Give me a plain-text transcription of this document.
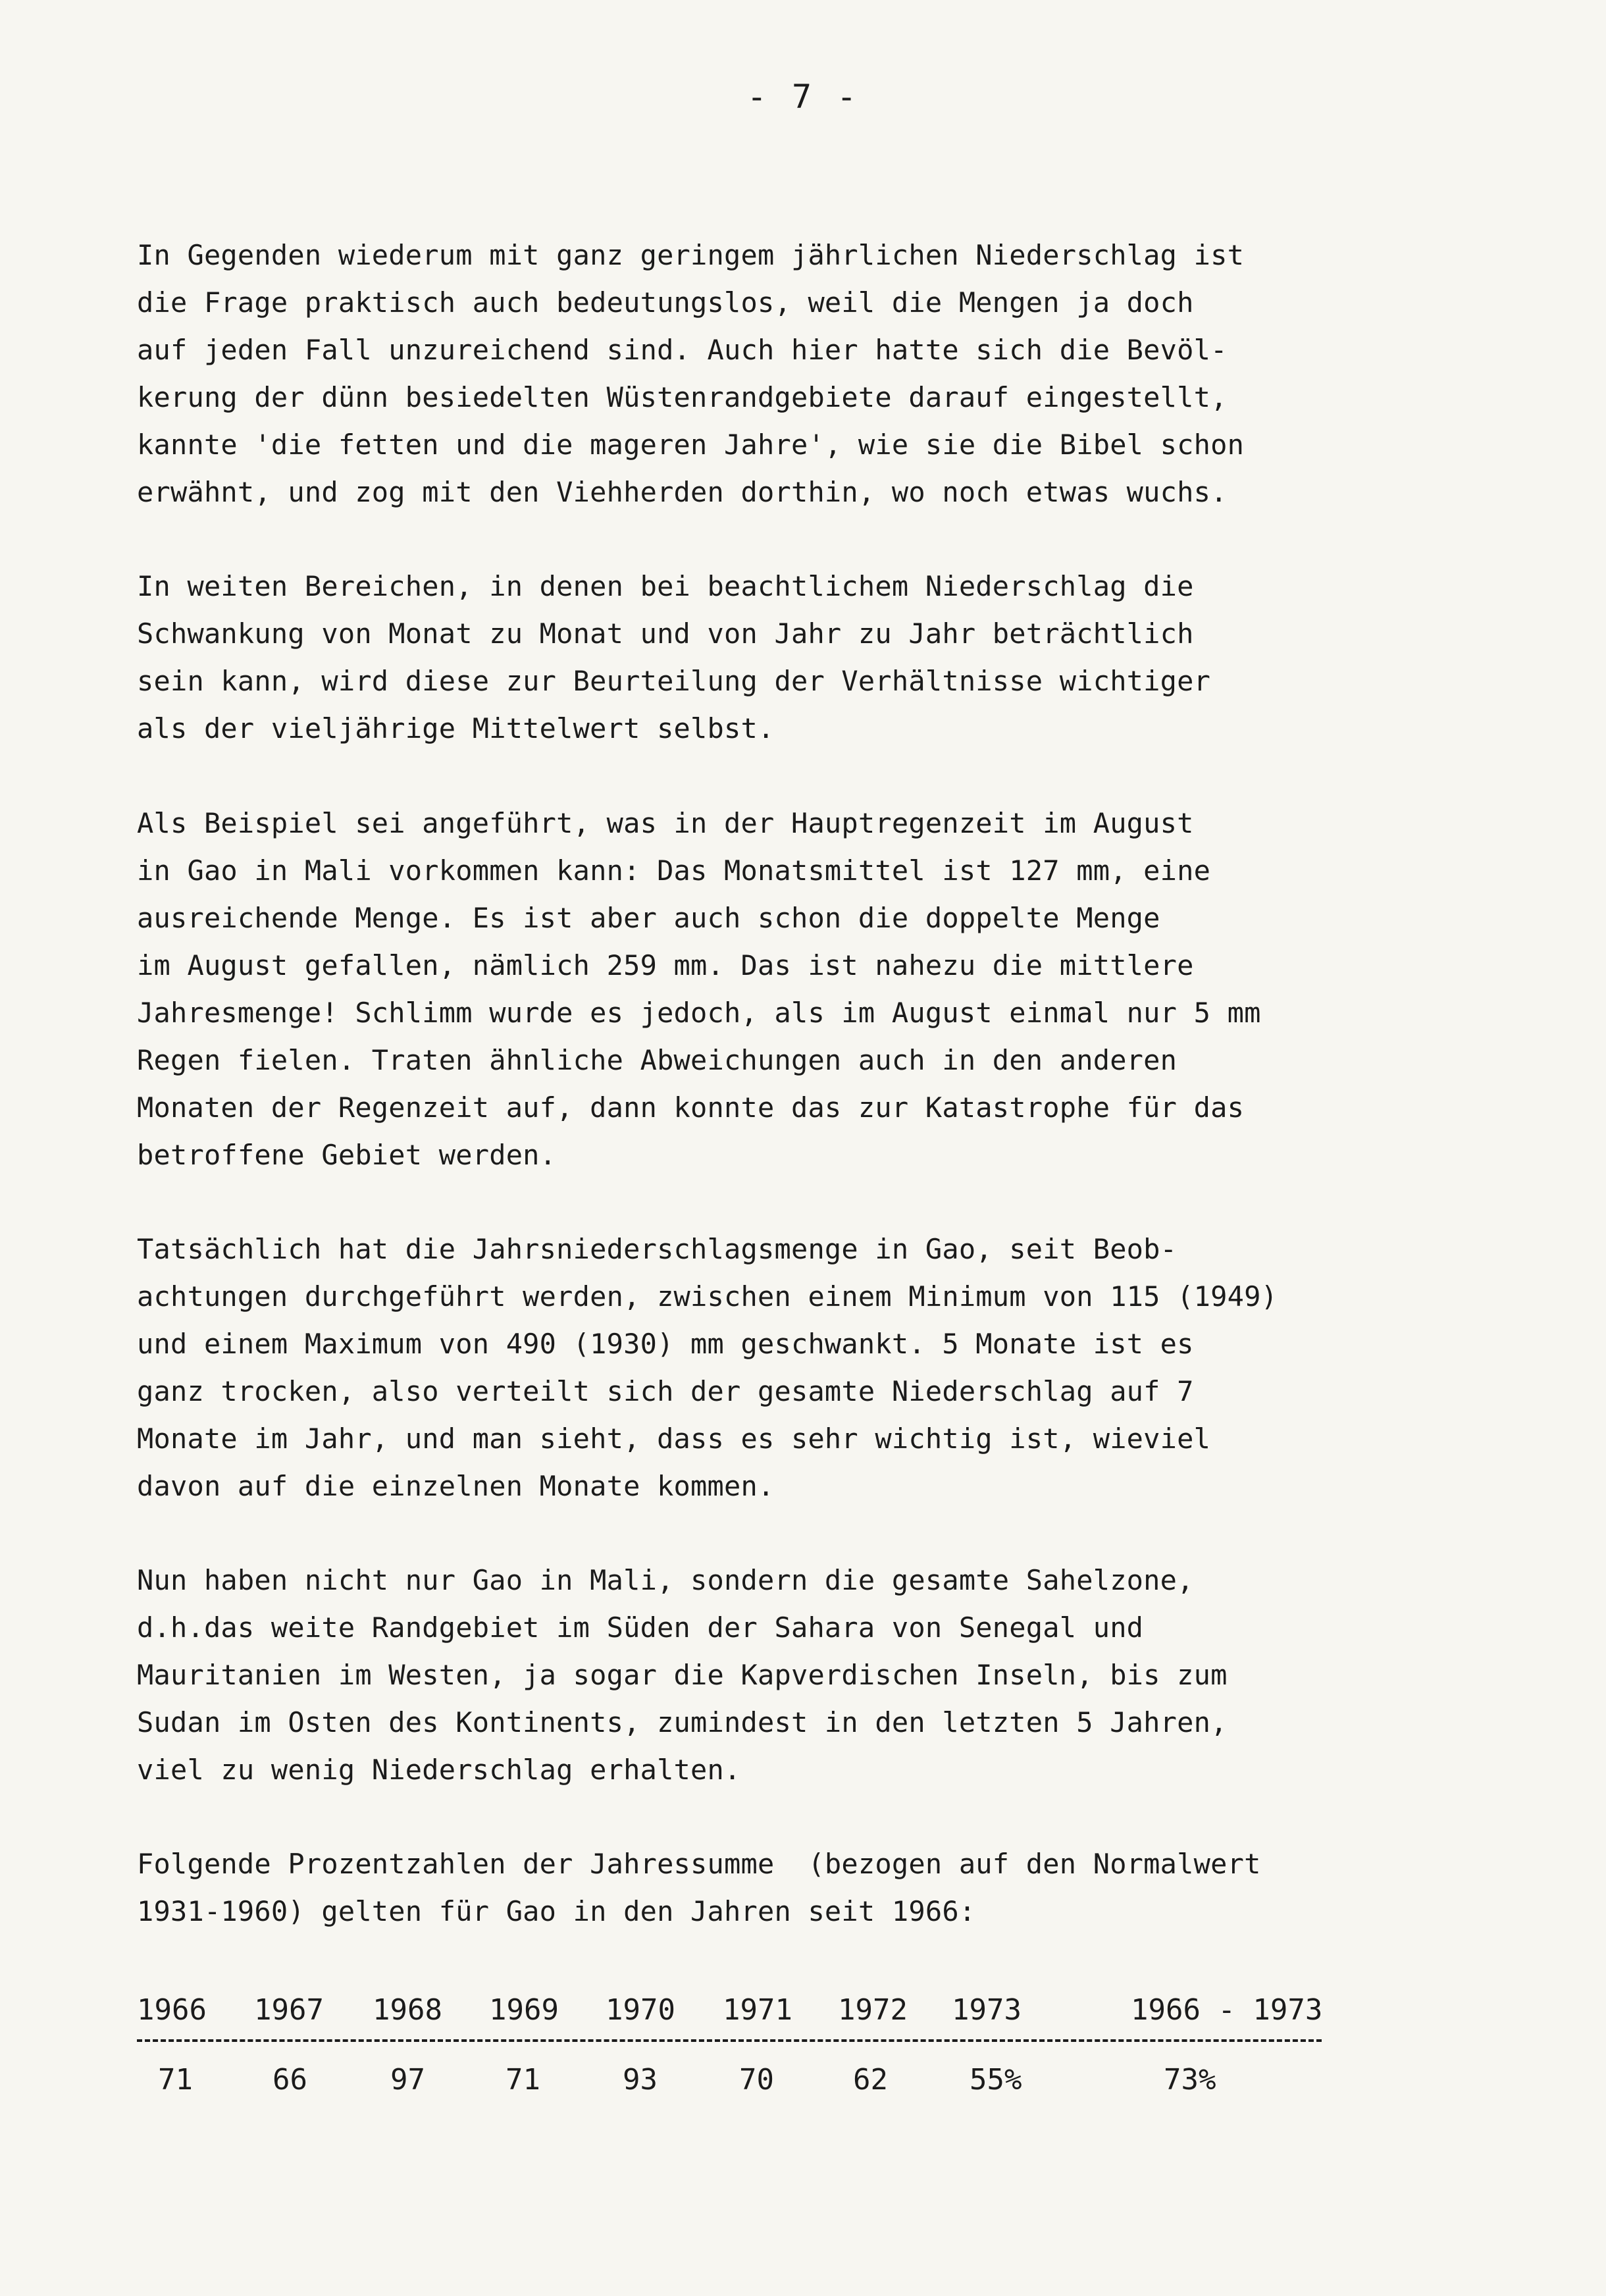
- 7 -
In Gegenden wiederum mit ganz geringem jährlichen Niederschlag ist
die Frage praktisch auch bedeutungslos, weil die Mengen ja doch
auf jeden Fall unzureichend sind. Auch hier hatte sich die Bevöl-
kerung der dünn besiedelten Wüstenrandgebiete darauf eingestellt,
kannte 'die fetten und die mageren Jahre', wie sie die Bibel schon
erwähnt, und zog mit den Viehherden dorthin, wo noch etwas wuchs.
In weiten Bereichen, in denen bei beachtlichem Niederschlag die
Schwankung von Monat zu Monat und von Jahr zu Jahr beträchtlich
sein kann, wird diese zur Beurteilung der Verhältnisse wichtiger
als der vieljährige Mittelwert selbst.
Als Beispiel sei angeführt, was in der Hauptregenzeit im August
in Gao in Mali vorkommen kann: Das Monatsmittel ist 127 mm, eine
ausreichende Menge. Es ist aber auch schon die doppelte Menge
im August gefallen, nämlich 259 mm. Das ist nahezu die mittlere
Jahresmenge! Schlimm wurde es jedoch, als im August einmal nur 5 mm
Regen fielen. Traten ähnliche Abweichungen auch in den anderen
Monaten der Regenzeit auf, dann konnte das zur Katastrophe für das
betroffene Gebiet werden.
Tatsächlich hat die Jahrsniederschlagsmenge in Gao, seit Beob-
achtungen durchgeführt werden, zwischen einem Minimum von 115 (1949)
und einem Maximum von 490 (1930) mm geschwankt. 5 Monate ist es
ganz trocken, also verteilt sich der gesamte Niederschlag auf 7
Monate im Jahr, und man sieht, dass es sehr wichtig ist, wieviel
davon auf die einzelnen Monate kommen.
Nun haben nicht nur Gao in Mali, sondern die gesamte Sahelzone,
d.h.das weite Randgebiet im Süden der Sahara von Senegal und
Mauritanien im Westen, ja sogar die Kapverdischen Inseln, bis zum
Sudan im Osten des Kontinents, zumindest in den letzten 5 Jahren,
viel zu wenig Niederschlag erhalten.
Folgende Prozentzahlen der Jahressumme  (bezogen auf den Normalwert
1931-1960) gelten für Gao in den Jahren seit 1966:
1966 1967 1968 1969 1970 1971 1972 1973	1966 - 1973
71	66	97	71	93	70	62	55%	73%
